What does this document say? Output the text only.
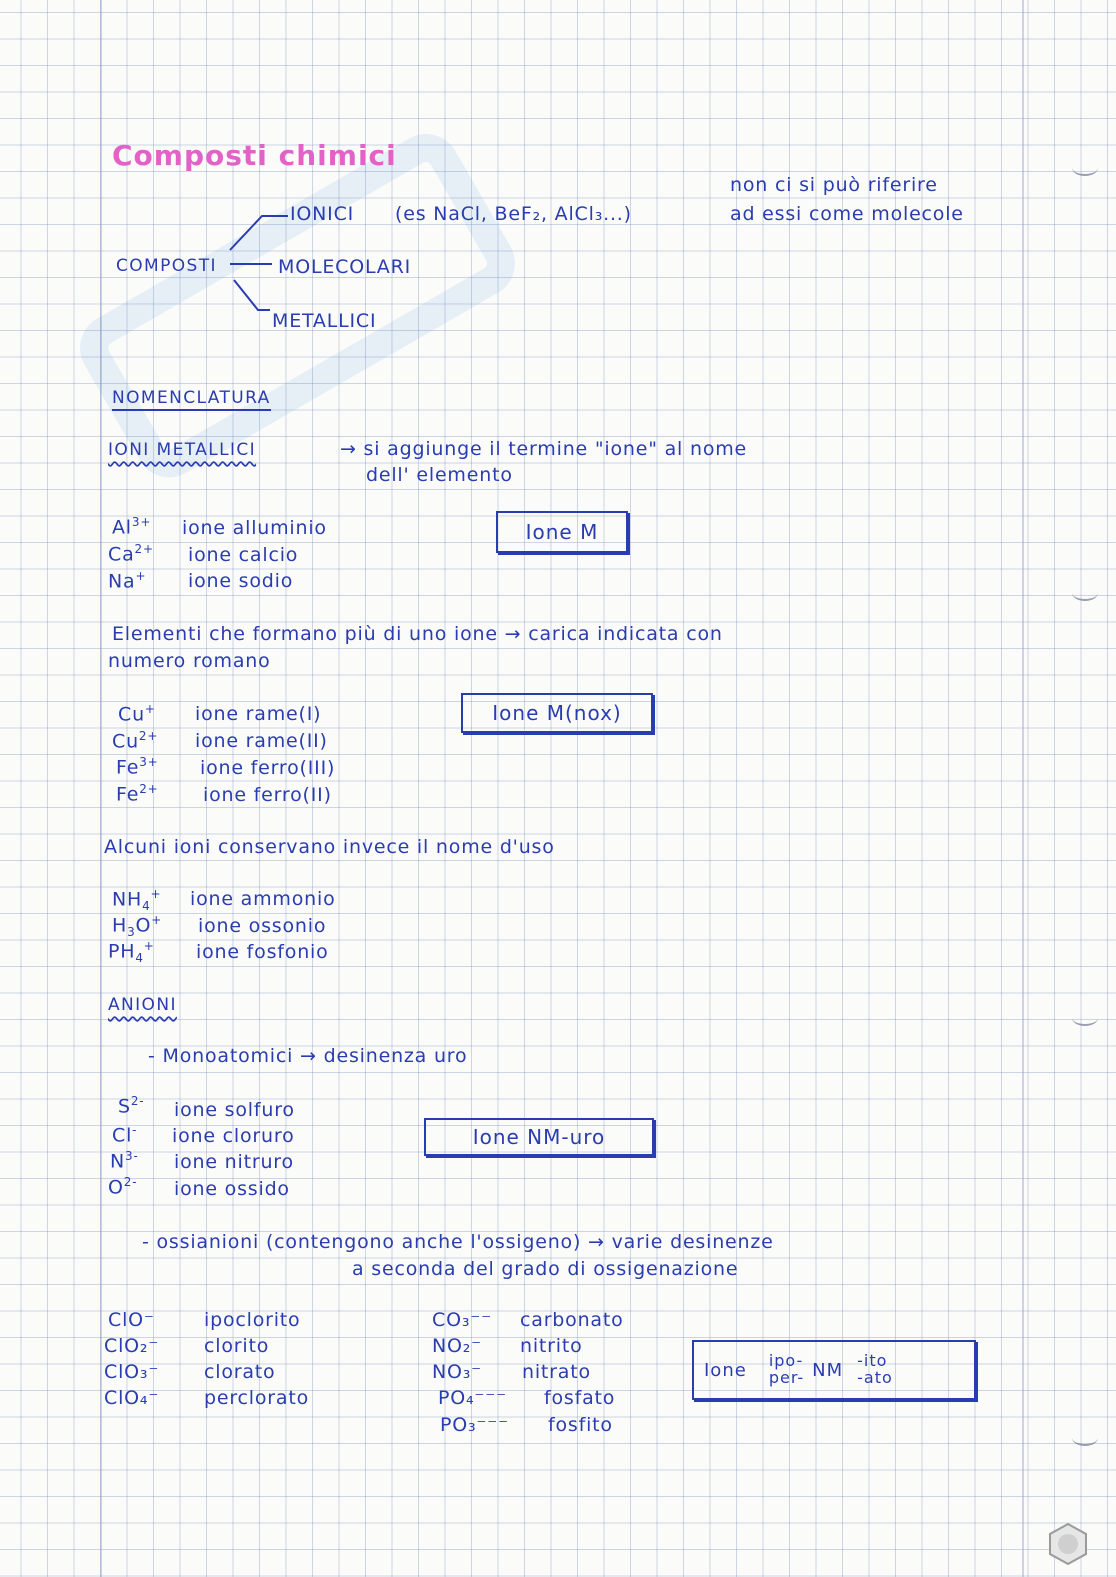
Composti chimici
non ci si può riferire
IONICI (es NaCl, BeF₂, AlCl₃...)	ad essi come molecole
COMPOSTI	MOLECOLARI
METALLICI
NOMENCLATURA
IONI METALLICI	→ si aggiunge il termine "ione" al nome
dell' elemento
Ione M
$Al^{3+}$ ione alluminio
$Ca^{2+}$ ione calcio
Na+ ione sodio
Elementi che formano più di uno ione → carica indicata con
numero romano
Ione M(nox)
Cu+ ione rame(I)
$Cu^{2+}$ ione rame(II)
$Fe^{3+}$ ione ferro(III)
$Fe^{2+}$ ione ferro(II)
Alcuni ioni conservano invece il nome d'uso
$NH_4^+$ ione ammonio
$H_3O^+$ ione ossonio
$PH_4^+$ ione fosfonio
ANIONI
- Monoatomici → desinenza uro
Ione NM-uro
$S^{2-}$ ione solfuro
Cl- ione cloruro
$N^{3-}$ ione nitruro
$O^{2-}$ ione ossido
- ossianioni (contengono anche l'ossigeno) → varie desinenze
a seconda del grado di ossigenazione
ClO⁻	ipoclorito
ClO₂⁻ clorito
ClO₃⁻ clorato
ClO₄⁻ perclorato
CO₃⁻⁻ carbonato
NO₂⁻ nitrito
NO₃⁻ nitrato
PO₄⁻⁻⁻ fosfato
PO₃⁻⁻⁻ fosfito
Ione ipo-
per- NM -ito
-ato
